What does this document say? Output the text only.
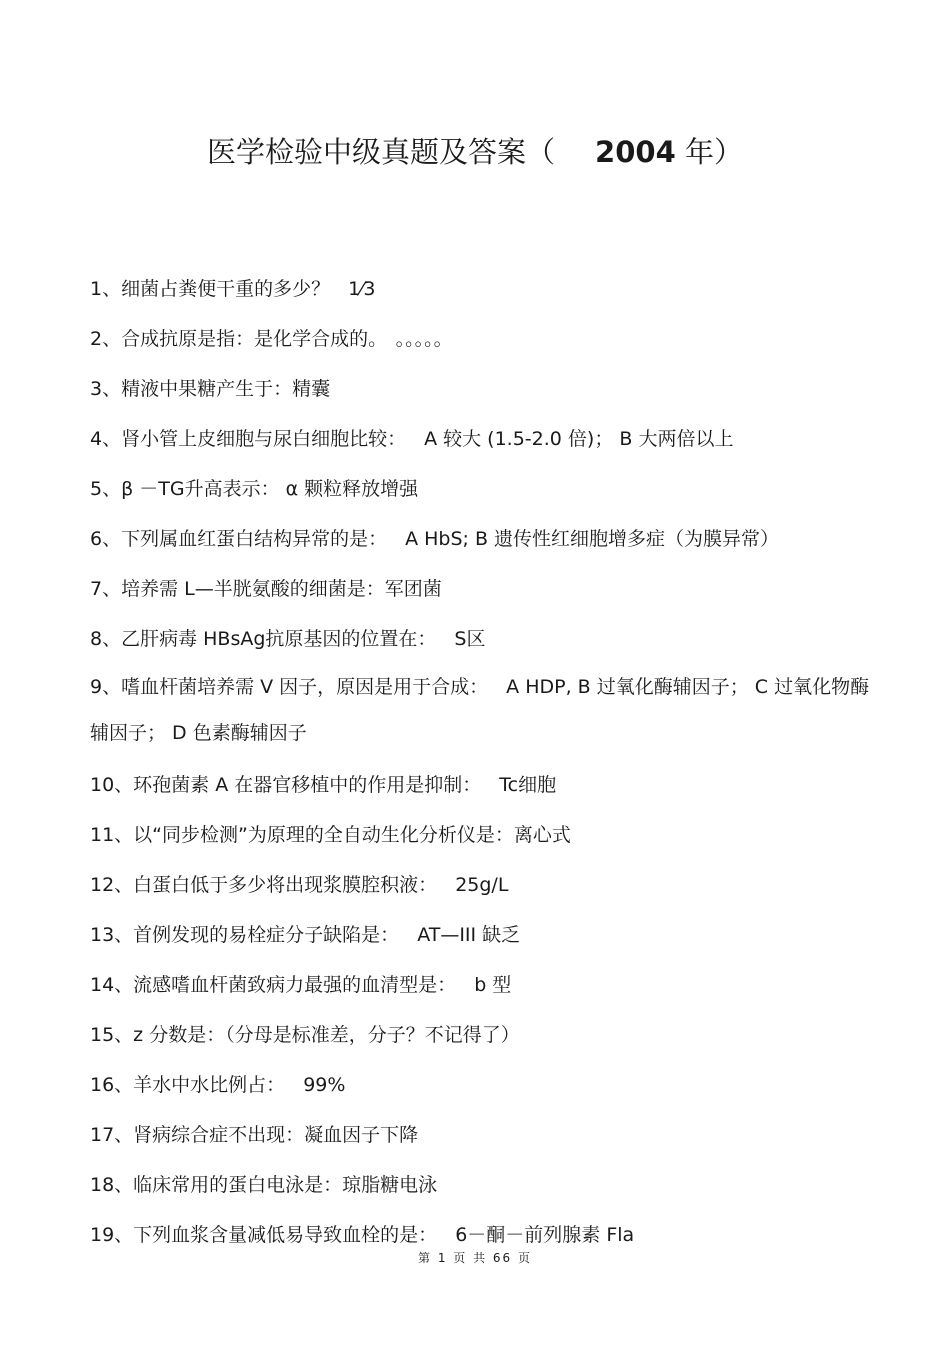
医学检验中级真题及答案（ 2004 年）
1、细菌占粪便干重的多少？ 1⁄3
2、合成抗原是指：是化学合成的。 。。。。。
3、精液中果糖产生于：精囊
4、肾小管上皮细胞与尿白细胞比较： A 较大 (1.5-2.0 倍)； B 大两倍以上
5、β －TG升高表示： α 颗粒释放增强
6、下列属血红蛋白结构异常的是： A HbS; B 遗传性红细胞增多症（为膜异常）
7、培养需 L—半胱氨酸的细菌是：军团菌
8、乙肝病毒 HBsAg抗原基因的位置在： S区
9、嗜血杆菌培养需 V 因子，原因是用于合成： A HDP, B 过氧化酶辅因子； C 过氧化物酶辅因子； D 色素酶辅因子
10、环孢菌素 A 在器官移植中的作用是抑制： Tc细胞
11、以“同步检测”为原理的全自动生化分析仪是：离心式
12、白蛋白低于多少将出现浆膜腔积液： 25g/L
13、首例发现的易栓症分子缺陷是： AT—III 缺乏
14、流感嗜血杆菌致病力最强的血清型是： b 型
15、z 分数是：（分母是标准差，分子？不记得了）
16、羊水中水比例占： 99%
17、肾病综合症不出现：凝血因子下降
18、临床常用的蛋白电泳是：琼脂糖电泳
19、下列血浆含量减低易导致血栓的是： 6－酮－前列腺素 Fla
第 1 页 共 66 页
